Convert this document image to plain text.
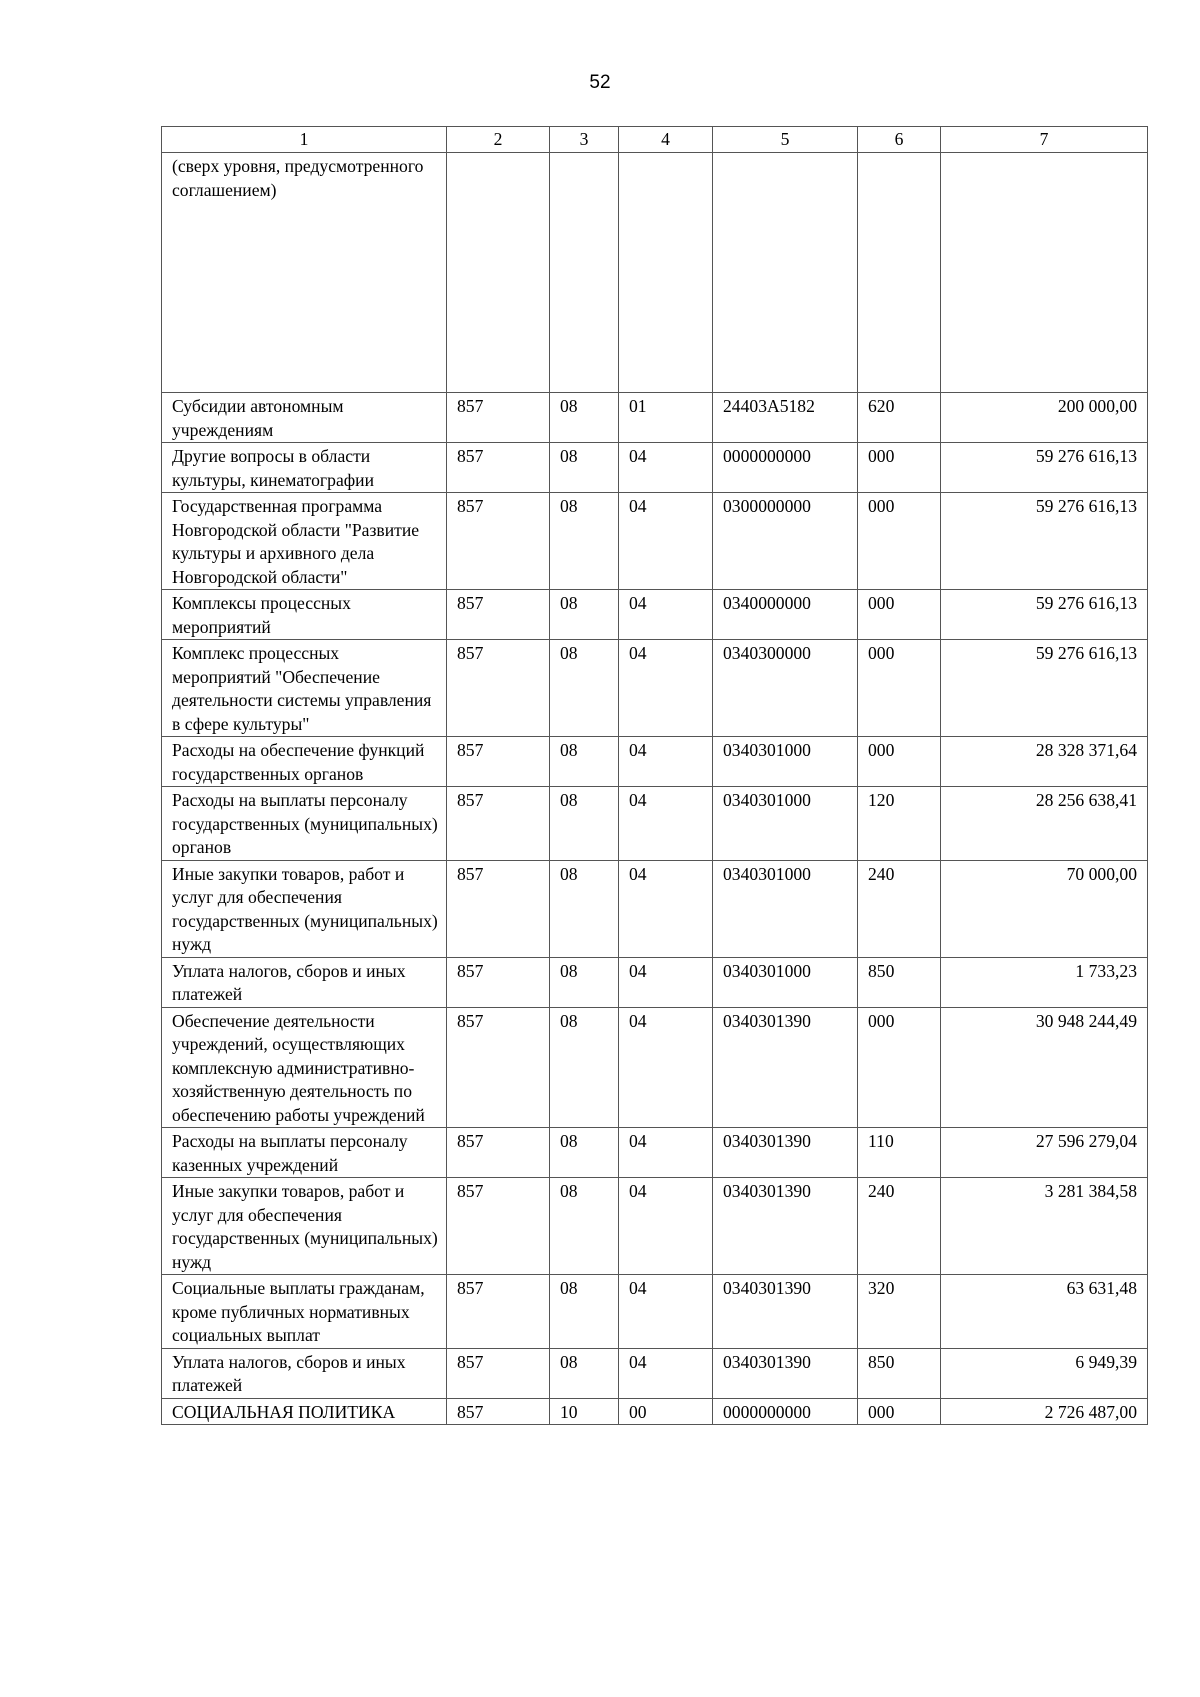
52
1	2	3	4	5	6	7
(сверх уровня, предусмотренного соглашением)						
Субсидии автономным учреждениям	857	08	01	24403A5182	620	200 000,00
Другие вопросы в области культуры, кинематографии	857	08	04	0000000000	000	59 276 616,13
Государственная программа Новгородской области "Развитие культуры и архивного дела Новгородской области"	857	08	04	0300000000	000	59 276 616,13
Комплексы процессных мероприятий	857	08	04	0340000000	000	59 276 616,13
Комплекс процессных мероприятий "Обеспечение деятельности системы управления в сфере культуры"	857	08	04	0340300000	000	59 276 616,13
Расходы на обеспечение функций государственных органов	857	08	04	0340301000	000	28 328 371,64
Расходы на выплаты персоналу государственных (муниципальных) органов	857	08	04	0340301000	120	28 256 638,41
Иные закупки товаров, работ и услуг для обеспечения государственных (муниципальных) нужд	857	08	04	0340301000	240	70 000,00
Уплата налогов, сборов и иных платежей	857	08	04	0340301000	850	1 733,23
Обеспечение деятельности учреждений, осуществляющих комплексную административно-хозяйственную деятельность по обеспечению работы учреждений	857	08	04	0340301390	000	30 948 244,49
Расходы на выплаты персоналу казенных учреждений	857	08	04	0340301390	110	27 596 279,04
Иные закупки товаров, работ и услуг для обеспечения государственных (муниципальных) нужд	857	08	04	0340301390	240	3 281 384,58
Социальные выплаты гражданам, кроме публичных нормативных социальных выплат	857	08	04	0340301390	320	63 631,48
Уплата налогов, сборов и иных платежей	857	08	04	0340301390	850	6 949,39
СОЦИАЛЬНАЯ ПОЛИТИКА	857	10	00	0000000000	000	2 726 487,00
